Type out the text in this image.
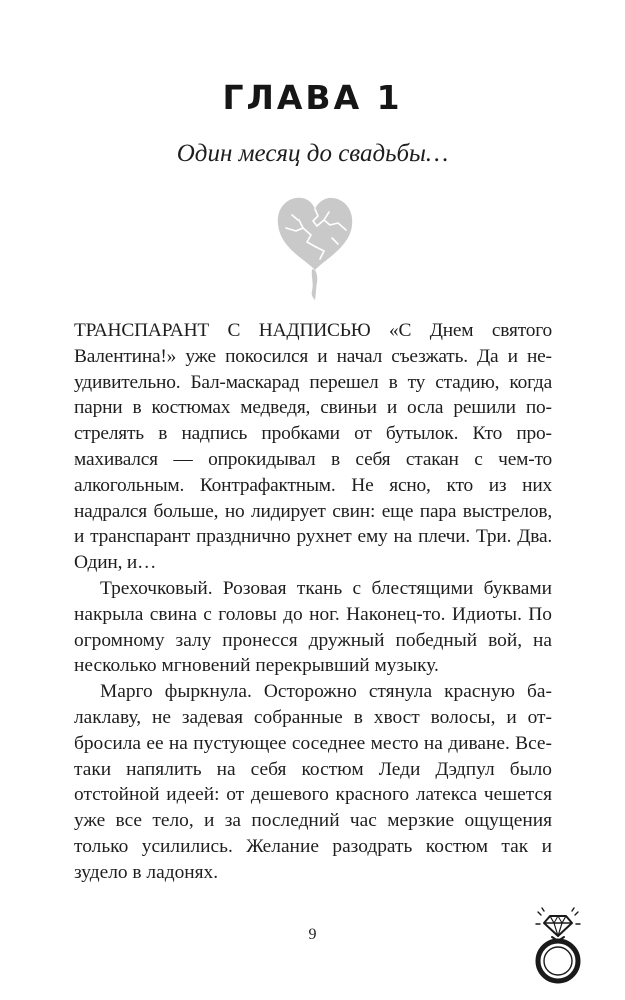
ГЛАВА 1
Один месяц до свадьбы…

ТРАНСПАРАНТ С НАДПИСЬЮ «С Днем святого Валентина!» уже покосился и начал съезжать. Да и неудивительно. Бал-маскарад перешел в ту стадию, когда парни в костюмах медведя, свиньи и осла решили пострелять в надпись пробками от бутылок. Кто промахивался — опрокидывал в себя стакан с чем-то алкогольным. Контрафактным. Не ясно, кто из них надрался больше, но лидирует свин: еще пара выстрелов, и транспарант празднично рухнет ему на плечи. Три. Два. Один, и…

Трехочковый. Розовая ткань с блестящими буквами накрыла свина с головы до ног. Наконец-то. Идиоты. По огромному залу пронесся дружный победный вой, на несколько мгновений перекрывший музыку.

Марго фыркнула. Осторожно стянула красную балаклаву, не задевая собранные в хвост волосы, и отбросила ее на пустующее соседнее место на диване. Все-таки напялить на себя костюм Леди Дэдпул было отстойной идеей: от дешевого красного латекса чешется уже все тело, и за последний час мерзкие ощущения только усилились. Желание разодрать костюм так и зудело в ладонях.

9
